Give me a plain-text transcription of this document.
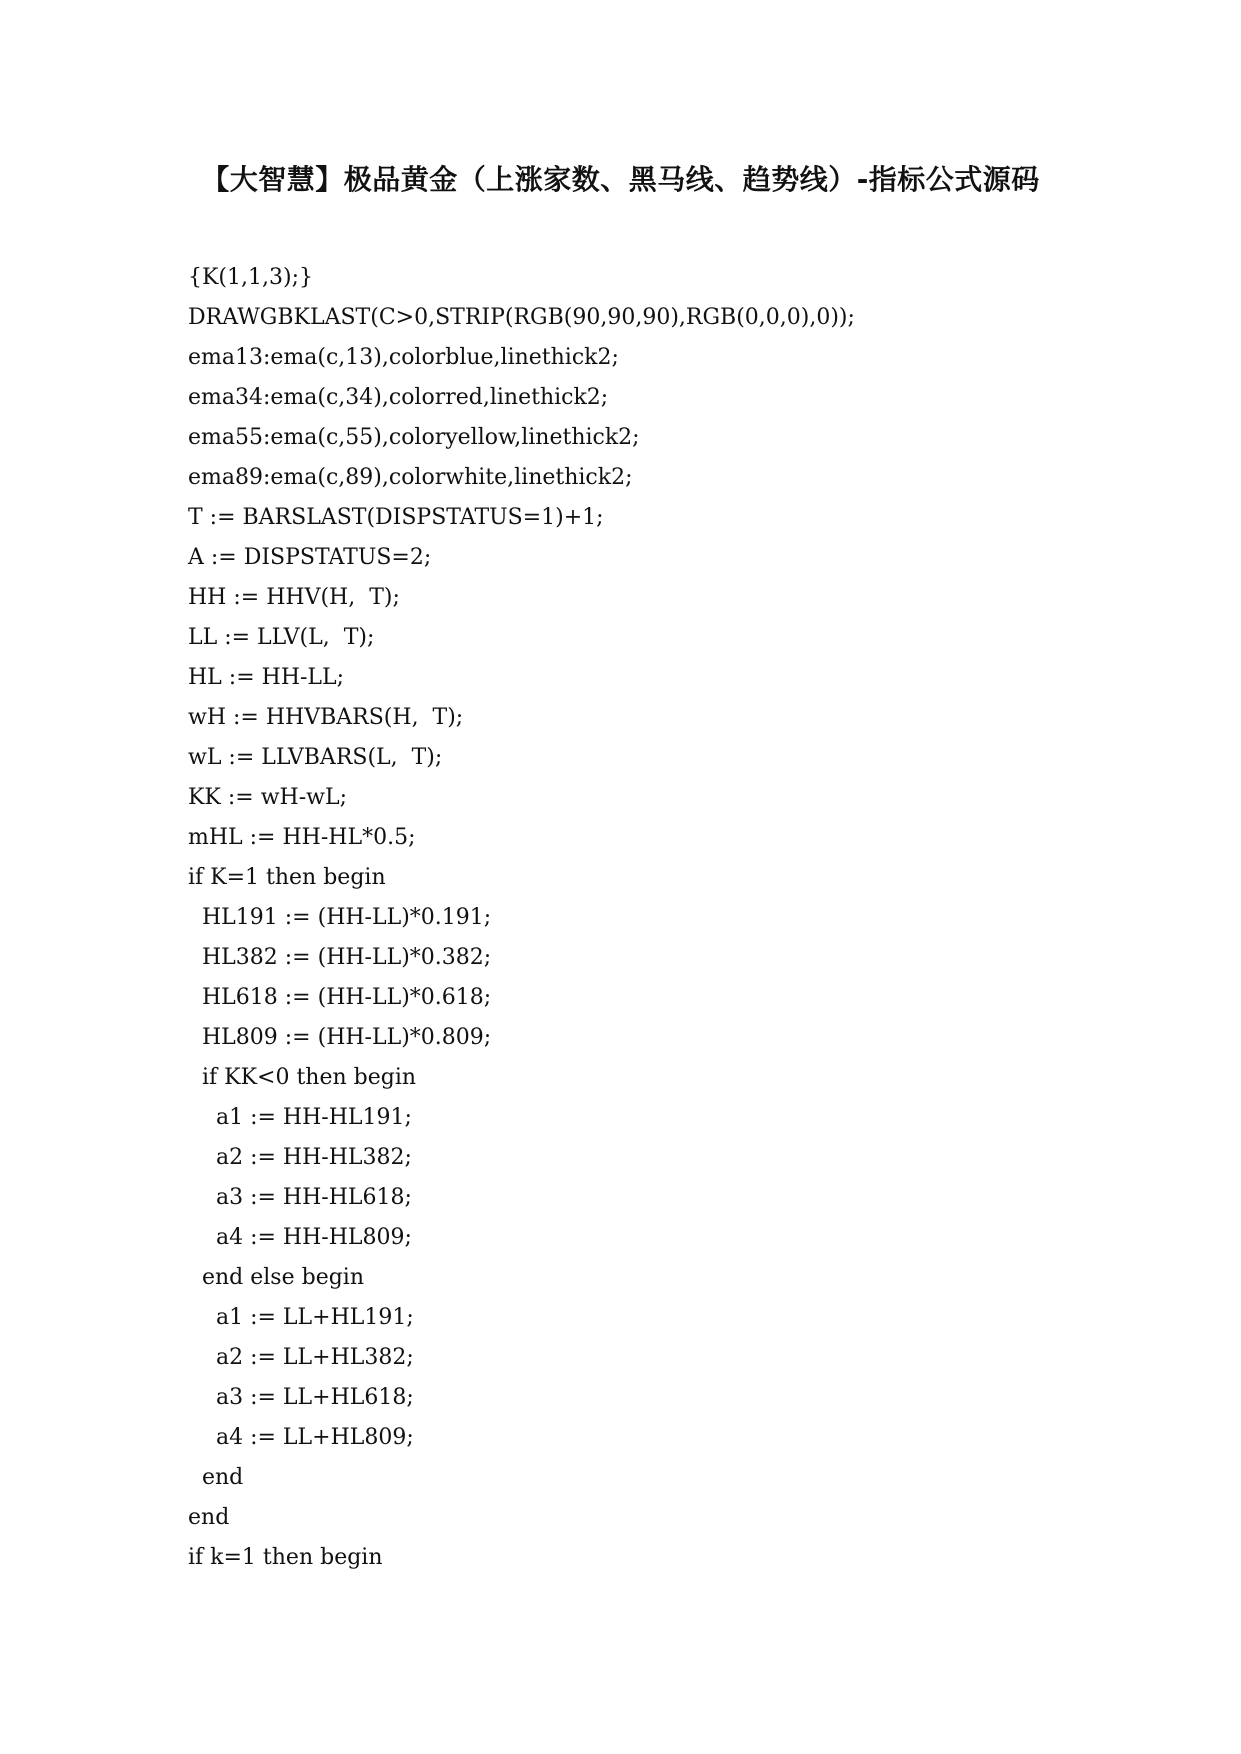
【大智慧】极品黄金（上涨家数、黑马线、趋势线）-指标公式源码
{K(1,1,3);}
DRAWGBKLAST(C>0,STRIP(RGB(90,90,90),RGB(0,0,0),0));
ema13:ema(c,13),colorblue,linethick2;
ema34:ema(c,34),colorred,linethick2;
ema55:ema(c,55),coloryellow,linethick2;
ema89:ema(c,89),colorwhite,linethick2;
T := BARSLAST(DISPSTATUS=1)+1;
A := DISPSTATUS=2;
HH := HHV(H,  T);
LL := LLV(L,  T);
HL := HH-LL;
wH := HHVBARS(H,  T);
wL := LLVBARS(L,  T);
KK := wH-wL;
mHL := HH-HL*0.5;
if K=1 then begin
HL191 := (HH-LL)*0.191;
HL382 := (HH-LL)*0.382;
HL618 := (HH-LL)*0.618;
HL809 := (HH-LL)*0.809;
if KK<0 then begin
a1 := HH-HL191;
a2 := HH-HL382;
a3 := HH-HL618;
a4 := HH-HL809;
end else begin
a1 := LL+HL191;
a2 := LL+HL382;
a3 := LL+HL618;
a4 := LL+HL809;
end
end
if k=1 then begin
